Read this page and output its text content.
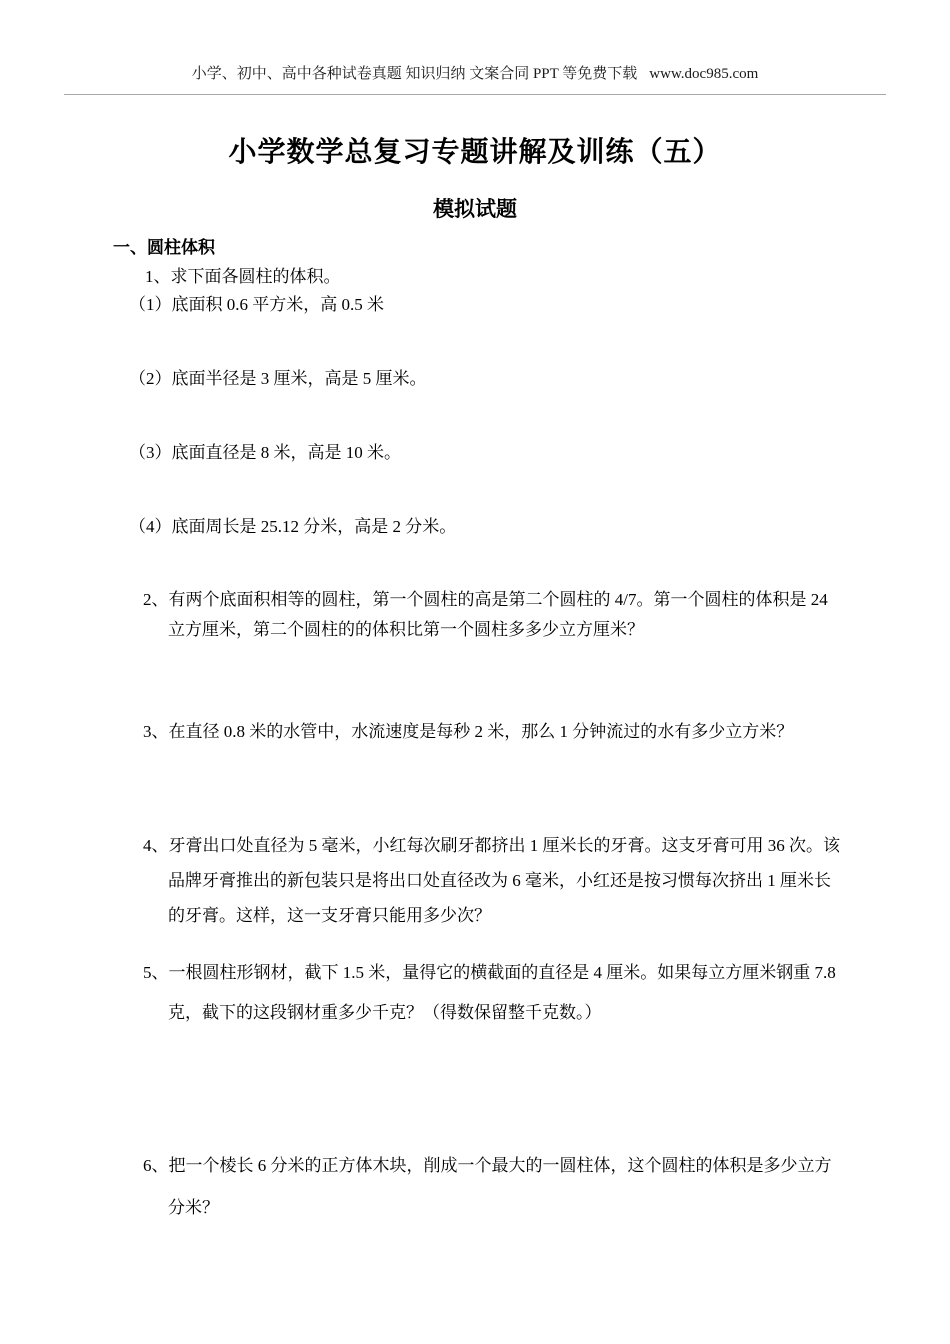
小学、初中、高中各种试卷真题 知识归纳 文案合同 PPT 等免费下载 www.doc985.com
小学数学总复习专题讲解及训练（五）
模拟试题
一、圆柱体积
1、求下面各圆柱的体积。
（1）底面积 0.6 平方米，高 0.5 米
（2）底面半径是 3 厘米，高是 5 厘米。
（3）底面直径是 8 米，高是 10 米。
（4）底面周长是 25.12 分米，高是 2 分米。
2、有两个底面积相等的圆柱，第一个圆柱的高是第二个圆柱的 4/7。第一个圆柱的体积是 24
立方厘米，第二个圆柱的的体积比第一个圆柱多多少立方厘米？
3、在直径 0.8 米的水管中，水流速度是每秒 2 米，那么 1 分钟流过的水有多少立方米？
4、牙膏出口处直径为 5 毫米，小红每次刷牙都挤出 1 厘米长的牙膏。这支牙膏可用 36 次。该
品牌牙膏推出的新包装只是将出口处直径改为 6 毫米，小红还是按习惯每次挤出 1 厘米长
的牙膏。这样，这一支牙膏只能用多少次？
5、一根圆柱形钢材，截下 1.5 米，量得它的横截面的直径是 4 厘米。如果每立方厘米钢重 7.8
克，截下的这段钢材重多少千克？（得数保留整千克数。）
6、把一个棱长 6 分米的正方体木块，削成一个最大的一圆柱体，这个圆柱的体积是多少立方
分米？
